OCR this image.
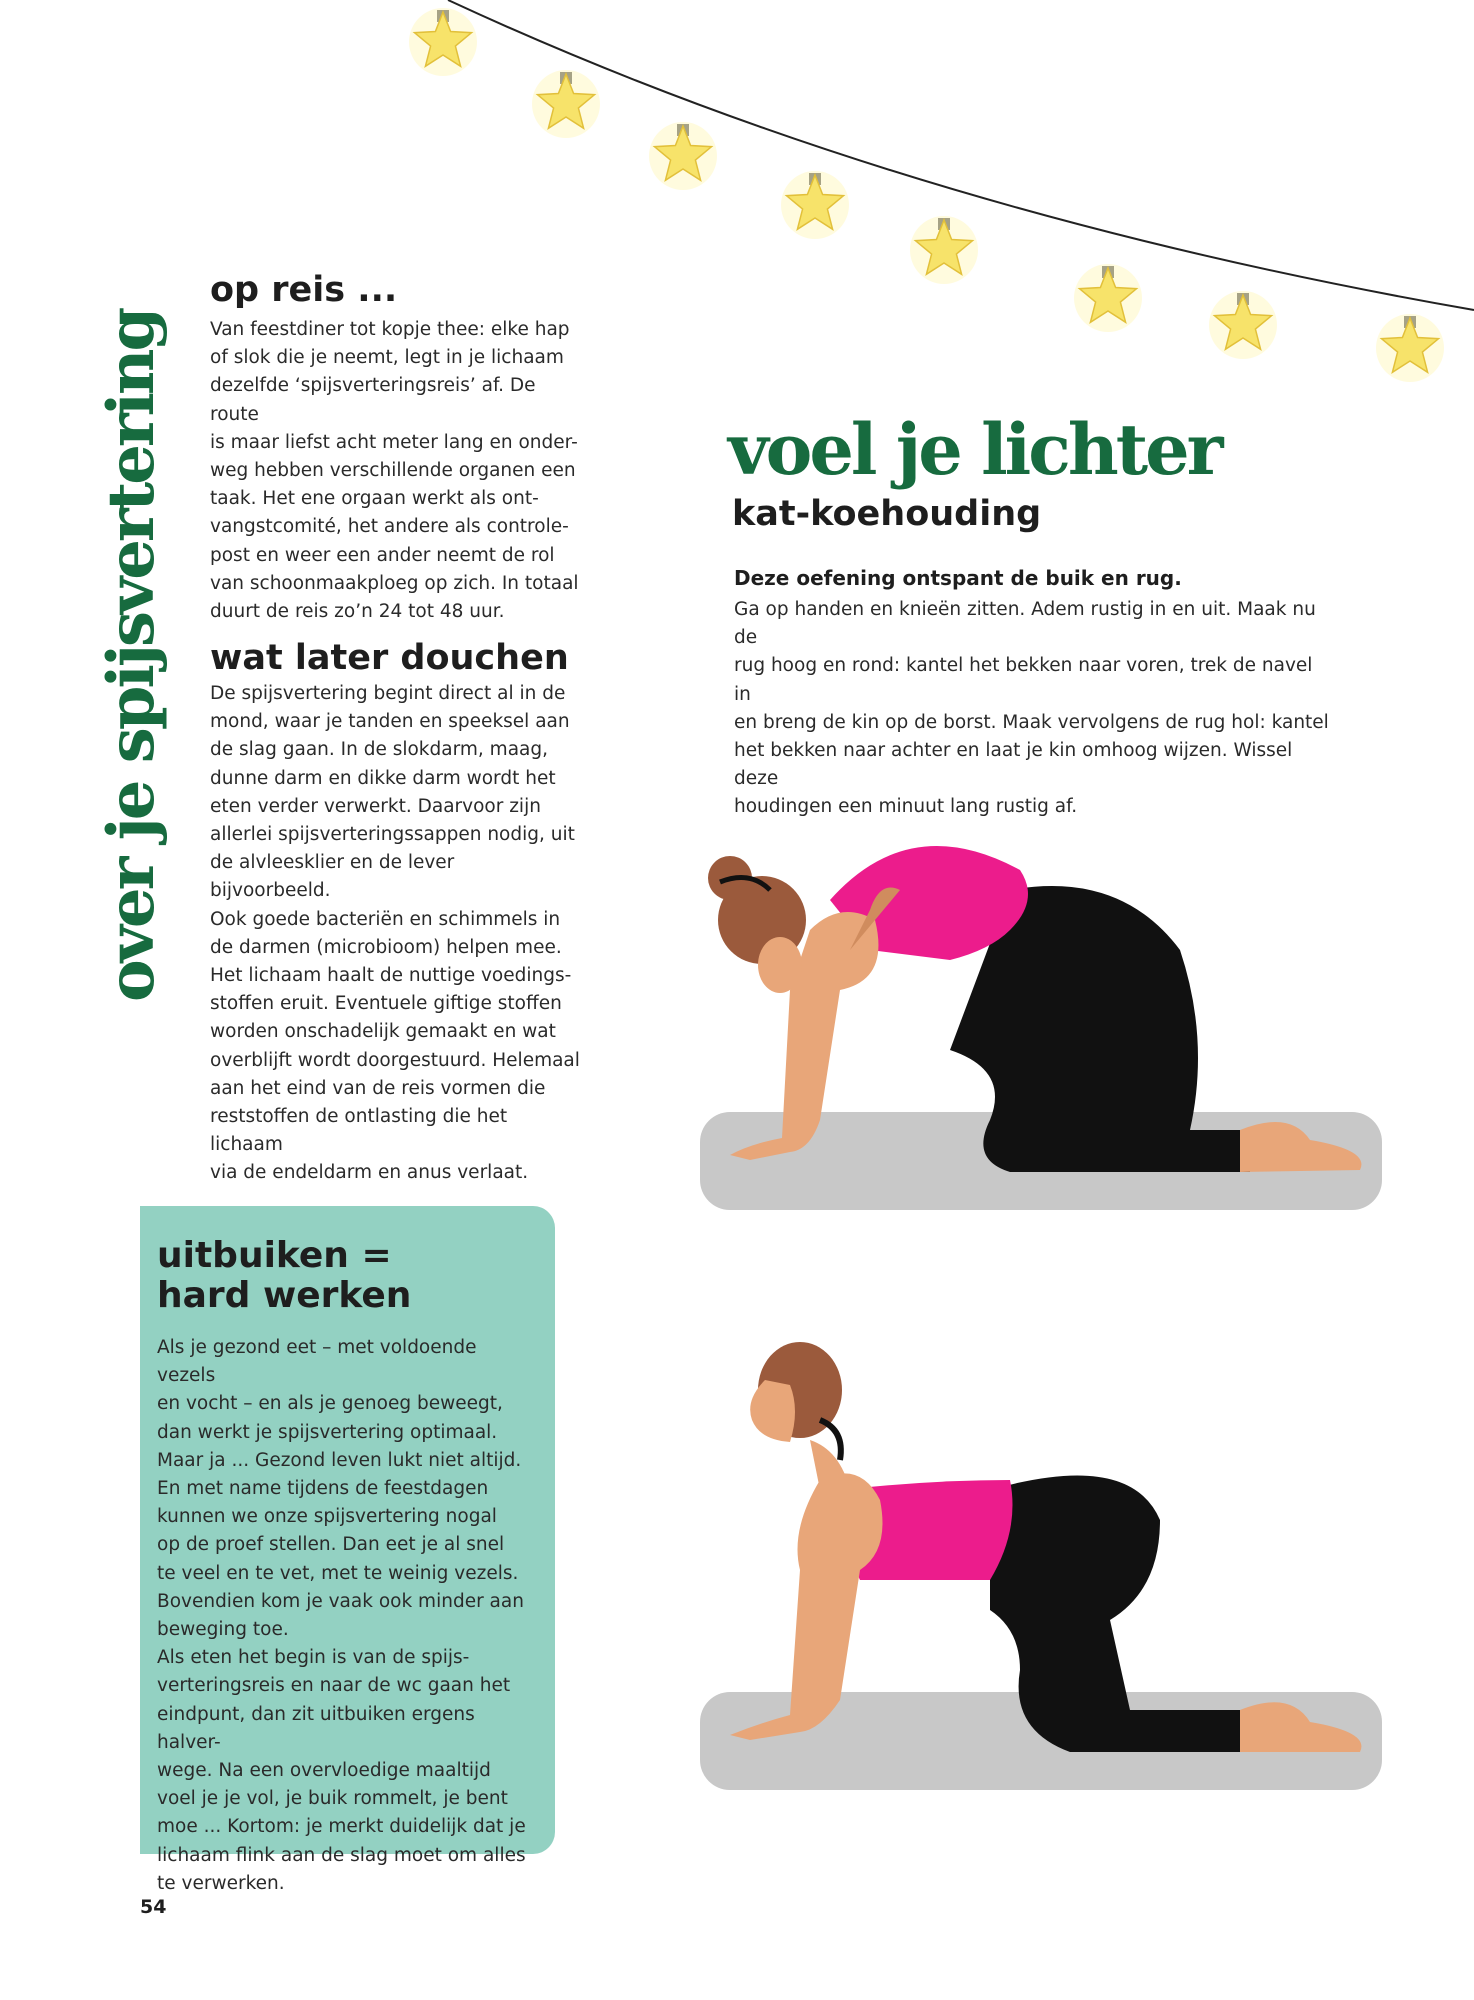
over je spijsvertering
op reis ...

Van feestdiner tot kopje thee: elke hap
of slok die je neemt, legt in je lichaam
dezelfde ‘spijsverteringsreis’ af. De route
is maar liefst acht meter lang en onder-
weg hebben verschillende organen een
taak. Het ene orgaan werkt als ont-
vangstcomité, het andere als controle-
post en weer een ander neemt de rol
van schoonmaakploeg op zich. In totaal
duurt de reis zo’n 24 tot 48 uur.

wat later douchen

De spijsvertering begint direct al in de
mond, waar je tanden en speeksel aan
de slag gaan. In de slokdarm, maag,
dunne darm en dikke darm wordt het
eten verder verwerkt. Daarvoor zijn
allerlei spijsverteringssappen nodig, uit
de alvleesklier en de lever bijvoorbeeld.
Ook goede bacteriën en schimmels in
de darmen (microbioom) helpen mee.
Het lichaam haalt de nuttige voedings-
stoffen eruit. Eventuele giftige stoffen
worden onschadelijk gemaakt en wat
overblijft wordt doorgestuurd. Helemaal
aan het eind van de reis vormen die
reststoffen de ontlasting die het lichaam
via de endeldarm en anus verlaat.

uitbuiken =
hard werken

Als je gezond eet – met voldoende vezels
en vocht – en als je genoeg beweegt,
dan werkt je spijsvertering optimaal.
Maar ja ... Gezond leven lukt niet altijd.
En met name tijdens de feestdagen
kunnen we onze spijsvertering nogal
op de proef stellen. Dan eet je al snel
te veel en te vet, met te weinig vezels.
Bovendien kom je vaak ook minder aan
beweging toe.
Als eten het begin is van de spijs-
verteringsreis en naar de wc gaan het
eindpunt, dan zit uitbuiken ergens halver-
wege. Na een overvloedige maaltijd
voel je je vol, je buik rommelt, je bent
moe ... Kortom: je merkt duidelijk dat je
lichaam flink aan de slag moet om alles
te verwerken.

54
voel je lichter
kat-koehouding
Deze oefening ontspant de buik en rug.

Ga op handen en knieën zitten. Adem rustig in en uit. Maak nu de
rug hoog en rond: kantel het bekken naar voren, trek de navel in
en breng de kin op de borst. Maak vervolgens de rug hol: kantel
het bekken naar achter en laat je kin omhoog wijzen. Wissel deze
houdingen een minuut lang rustig af.
